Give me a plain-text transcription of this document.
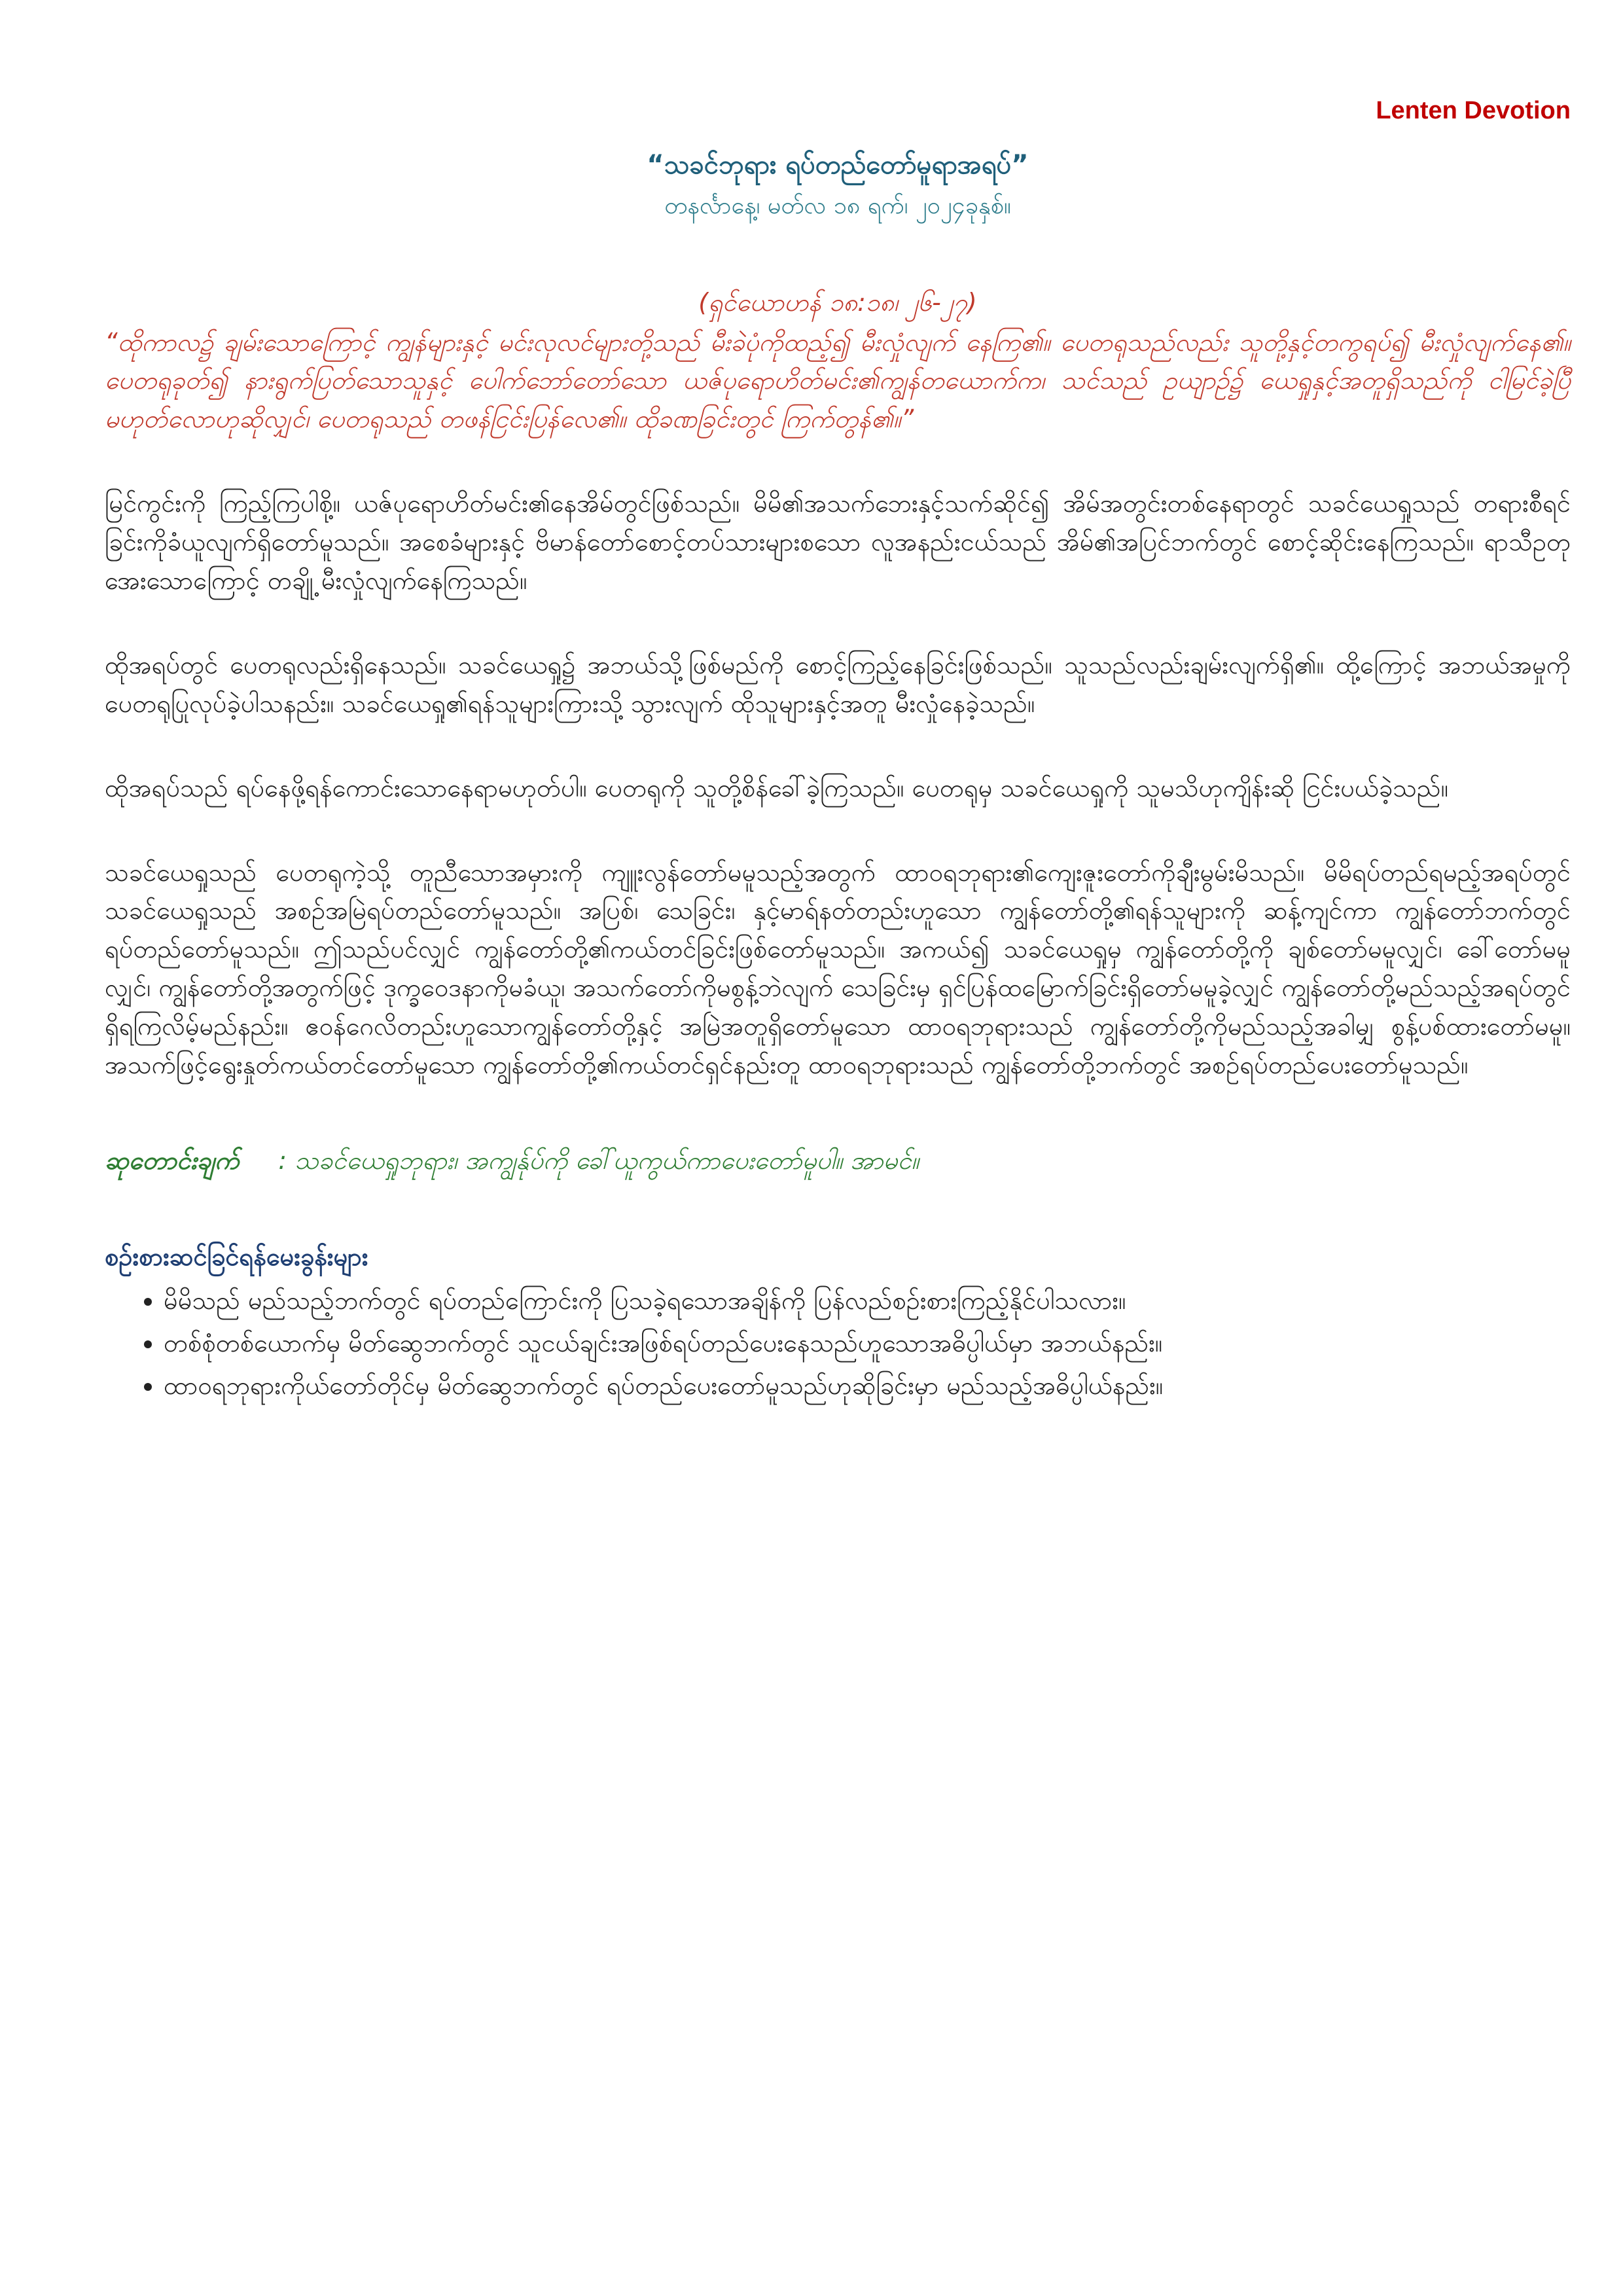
Lenten Devotion
“သခင်ဘုရား ရပ်တည်တော်မူရာအရပ်”
တနင်္လာနေ့၊ မတ်လ ၁၈ ရက်၊ ၂၀၂၄ခုနှစ်။
(ရှင်ယောဟန် ၁၈:၁၈၊ ၂၆-၂၇)
“ထိုကာလ၌ ချမ်းသောကြောင့် ကျွန်များနှင့် မင်းလုလင်များတို့သည် မီးခဲပုံကိုထည့်၍ မီးလှုံလျက် နေကြ၏။ ပေတရုသည်လည်း သူတို့နှင့်တကွရပ်၍ မီးလှုံလျက်နေ၏။ ပေတရုခုတ်၍ နားရွက်ပြတ်သောသူနှင့် ပေါက်ဘော်တော်သော ယဇ်ပုရောဟိတ်မင်း၏ကျွန်တယောက်က၊ သင်သည် ဥယျာဉ်၌ ယေရှုနှင့်အတူရှိသည်ကို ငါမြင်ခဲ့ပြီ မဟုတ်လောဟုဆိုလျှင်၊ ပေတရုသည် တဖန်ငြင်းပြန်လေ၏။ ထိုခဏခြင်းတွင် ကြက်တွန်၏။”
မြင်ကွင်းကို ကြည့်ကြပါစို့။ ယဇ်ပုရောဟိတ်မင်း၏နေအိမ်တွင်ဖြစ်သည်။ မိမိ၏အသက်ဘေးနှင့်သက်ဆိုင်၍ အိမ်အတွင်းတစ်နေရာတွင် သခင်ယေရှုသည် တရားစီရင်ခြင်းကိုခံယူလျက်ရှိတော်မူသည်။ အစေခံများနှင့် ဗိမာန်တော်စောင့်တပ်သားများစသော လူအနည်းငယ်သည် အိမ်၏အပြင်ဘက်တွင် စောင့်ဆိုင်းနေကြသည်။ ရာသီဥတုအေးသောကြောင့် တချို့ မီးလှုံလျက်နေကြသည်။
ထိုအရပ်တွင် ပေတရုလည်းရှိနေသည်။ သခင်ယေရှု၌ အဘယ်သို့ဖြစ်မည်ကို စောင့်ကြည့်နေခြင်းဖြစ်သည်။ သူသည်လည်းချမ်းလျက်ရှိ၏။ ထို့ကြောင့် အဘယ်အမှုကို ပေတရုပြုလုပ်ခဲ့ပါသနည်း။ သခင်ယေရှု၏ရန်သူများကြားသို့ သွားလျက် ထိုသူများနှင့်အတူ မီးလှုံနေခဲ့သည်။
ထိုအရပ်သည် ရပ်နေဖို့ရန်ကောင်းသောနေရာမဟုတ်ပါ။ ပေတရုကို သူတို့စိန်ခေါ်ခဲ့ကြသည်။ ပေတရုမှ သခင်ယေရှုကို သူမသိဟုကျိန်းဆို ငြင်းပယ်ခဲ့သည်။
သခင်ယေရှုသည် ပေတရုကဲ့သို့ တူညီသောအမှားကို ကျူးလွန်တော်မမူသည့်အတွက် ထာဝရဘုရား၏ကျေးဇူးတော်ကိုချီးမွမ်းမိသည်။ မိမိရပ်တည်ရမည့်အရပ်တွင် သခင်ယေရှုသည် အစဉ်အမြဲရပ်တည်တော်မူသည်။ အပြစ်၊ သေခြင်း၊ နှင့်မာရ်နတ်တည်းဟူသော ကျွန်တော်တို့၏ရန်သူများကို ဆန့်ကျင်ကာ ကျွန်တော်ဘက်တွင် ရပ်တည်တော်မူသည်။ ဤသည်ပင်လျှင် ကျွန်တော်တို့၏ကယ်တင်ခြင်းဖြစ်တော်မူသည်။ အကယ်၍ သခင်ယေရှုမှ ကျွန်တော်တို့ကို ချစ်တော်မမူလျှင်၊ ခေါ်တော်မမူလျှင်၊ ကျွန်တော်တို့အတွက်ဖြင့် ဒုက္ခဝေဒနာကိုမခံယူ၊ အသက်တော်ကိုမစွန့်ဘဲလျက် သေခြင်းမှ ရှင်ပြန်ထမြောက်ခြင်းရှိတော်မမူခဲ့လျှင် ကျွန်တော်တို့မည်သည့်အရပ်တွင်ရှိရကြလိမ့်မည်နည်း။ ဧဝန်ဂေလိတည်းဟူသောကျွန်တော်တို့နှင့် အမြဲအတူရှိတော်မူသော ထာဝရဘုရားသည် ကျွန်တော်တို့ကိုမည်သည့်အခါမျှ စွန့်ပစ်ထားတော်မမူ။ အသက်ဖြင့်ရွေးနှုတ်ကယ်တင်တော်မူသော ကျွန်တော်တို့၏ကယ်တင်ရှင်နည်းတူ ထာဝရဘုရားသည် ကျွန်တော်တို့ဘက်တွင် အစဉ်ရပ်တည်ပေးတော်မူသည်။
ဆုတောင်းချက် : သခင်ယေရှုဘုရား၊ အကျွန်ုပ်ကို ခေါ်ယူကွယ်ကာပေးတော်မူပါ။ အာမင်။
စဉ်းစားဆင်ခြင်ရန်မေးခွန်းများ
• မိမိသည် မည်သည့်ဘက်တွင် ရပ်တည်ကြောင်းကို ပြသခဲ့ရသောအချိန်ကို ပြန်လည်စဉ်းစားကြည့်နိုင်ပါသလား။
• တစ်စုံတစ်ယောက်မှ မိတ်ဆွေဘက်တွင် သူငယ်ချင်းအဖြစ်ရပ်တည်ပေးနေသည်ဟူသောအဓိပ္ပါယ်မှာ အဘယ်နည်း။
• ထာဝရဘုရားကိုယ်တော်တိုင်မှ မိတ်ဆွေဘက်တွင် ရပ်တည်ပေးတော်မူသည်ဟုဆိုခြင်းမှာ မည်သည့်အဓိပ္ပါယ်နည်း။
